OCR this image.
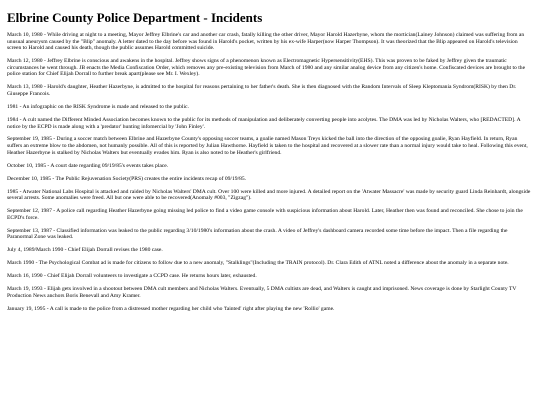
Elbrine County Police Department - Incidents

March 10, 1980 - While driving at night to a meeting, Mayor Jeffrey Elbrine's car and another car crash, fatally killing the other driver, Mayor Harold Hazerbyne, whom the mortician(Lainey Johnson) claimed was suffering from an unusual aneurysm caused by the "Blip" anomaly. A letter dated to the day before was found in Harold's pocket, written by his ex-wife Harper(now Harper Thompson). It was theorized that the Blip appeared on Harold's television screen to Harold and caused his death, though the public assumes Harold committed suicide.

March 12, 1980 - Jeffrey Elbrine is conscious and awakens in the hospital. Jeffrey shows signs of a phenomenon known as Electromagnetic Hypersensitivity(EHS). This was proven to be faked by Jeffrey given the traumatic circumstances he went through. JB enacts the Media Confiscation Order, which removes any pre-existing television from March of 1980 and any similar analog device from any citizen's home. Confiscated devices are brought to the police station for Chief Elijah Dorrall to further break apart(please see Mr. I. Wexley).

March 13, 1980 - Harold's daughter, Heather Hazerbyne, is admitted to the hospital for reasons pertaining to her father's death. She is then diagnosed with the Random Intervals of Sleep Kleptomania Syndrom(RISK) by then Dr. Giuseppe Francois.

1981 - An infographic on the RISK Syndrome is made and released to the public.

1984 - A cult named the Different Minded Association becomes known to the public for its methods of manipulation and deliberately converting people into acolytes. The DMA was led by Nicholas Walters, who [REDACTED]. A notice by the ECPD is made along with a 'predator' hunting infomercial by 'John Finley'.

September 19, 1985 - During a soccer match between Elbrine and Hazerbyne County's opposing soccer teams, a goalie named Mason Treys kicked the ball into the direction of the opposing goalie, Ryan Hayfield. In return, Ryan suffers an extreme blow to the abdomen, not humanly possible. All of this is reported by Julian Hawthorne. Hayfield is taken to the hospital and recovered at a slower rate than a normal injury would take to heal. Following this event, Heather Hazerbyne is stalked by Nicholas Walters but eventually evades him. Ryan is also noted to be Heather's girlfriend.

October 10, 1985 - A court date regarding 09/19/85's events takes place.

December 10, 1985 - The Public Rejuvenation Society(PRS) creates the entire incidents recap of 09/19/85.

1985 - Atwater National Labs Hospital is attacked and raided by Nicholas Walters' DMA cult. Over 100 were killed and more injured. A detailed report on the 'Atwater Massacre' was made by security guard Linda Reinhardt, alongside several arrests. Some anomalies were freed. All but one were able to be recovered(Anomaly #003, "Zigzag").

September 12, 1987 - A police call regarding Heather Hazerbyne going missing led police to find a video game console with suspicious information about Harold. Later, Heather then was found and reconciled. She chose to join the ECPD's force.

September 13, 1987 - Classified information was leaked to the public regarding 3/10/1980's information about the crash. A video of Jeffrey's dashboard camera recorded some time before the impact. Then a file regarding the Paranormal Zone was leaked.

July 4, 1989/March 1990 - Chief Elijah Dorrall revises the 1980 case.

March 1990 - The Psychological Combat ad is made for citizens to follow due to a new anomaly, "Stalklings"(Including the TRAIN protocol). Dr. Clara Edith of ATNL noted a difference about the anomaly in a separate note.

March 16, 1990 - Chief Elijah Dorrall volunteers to investigate a CCPD case. He returns hours later, exhausted.

March 19, 1993 - Elijah gets involved in a shootout between DMA cult members and Nicholas Walters. Eventually, 5 DMA cultists are dead, and Walters is caught and imprisoned. News coverage is done by Starlight County TV Production News anchors Boris Benevall and Amy Kramer.

January 19, 1995 - A call is made to the police from a distressed mother regarding her child who 'fainted' right after playing the new 'Rollio' game.
